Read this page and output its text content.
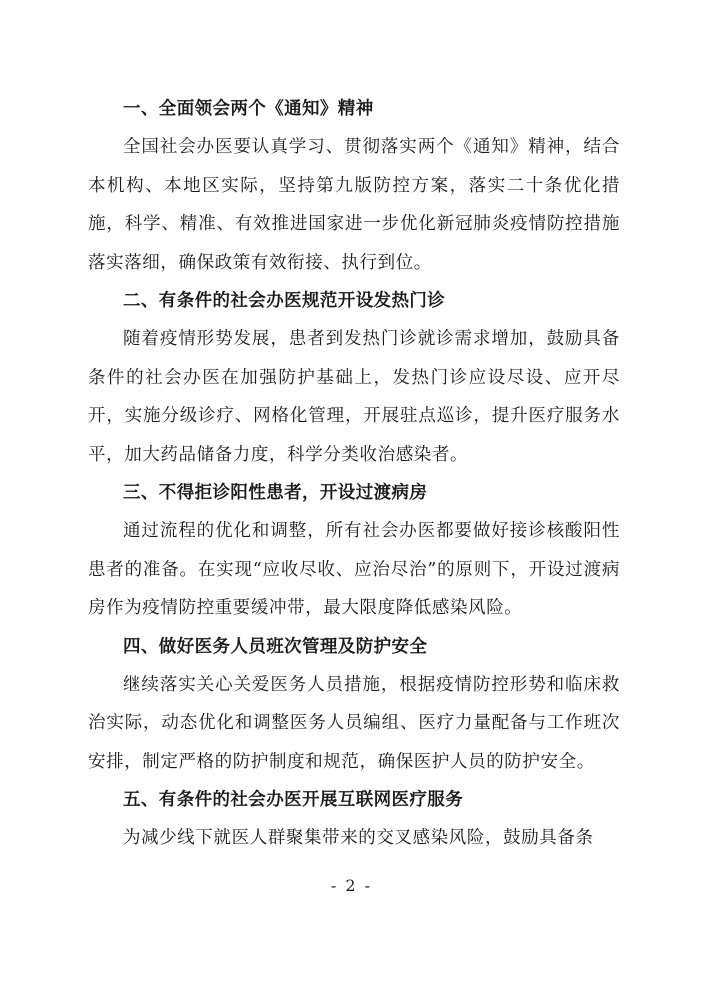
一、全面领会两个《通知》精神
全国社会办医要认真学习、贯彻落实两个《通知》精神，结合本机构、本地区实际，坚持第九版防控方案，落实二十条优化措施，科学、精准、有效推进国家进一步优化新冠肺炎疫情防控措施落实落细，确保政策有效衔接、执行到位。
二、有条件的社会办医规范开设发热门诊
随着疫情形势发展，患者到发热门诊就诊需求增加，鼓励具备条件的社会办医在加强防护基础上，发热门诊应设尽设、应开尽开，实施分级诊疗、网格化管理，开展驻点巡诊，提升医疗服务水平，加大药品储备力度，科学分类收治感染者。
三、不得拒诊阳性患者，开设过渡病房
通过流程的优化和调整，所有社会办医都要做好接诊核酸阳性患者的准备。在实现“应收尽收、应治尽治”的原则下，开设过渡病房作为疫情防控重要缓冲带，最大限度降低感染风险。
四、做好医务人员班次管理及防护安全
继续落实关心关爱医务人员措施，根据疫情防控形势和临床救治实际，动态优化和调整医务人员编组、医疗力量配备与工作班次安排，制定严格的防护制度和规范，确保医护人员的防护安全。
五、有条件的社会办医开展互联网医疗服务
为减少线下就医人群聚集带来的交叉感染风险，鼓励具备条
- 2 -
